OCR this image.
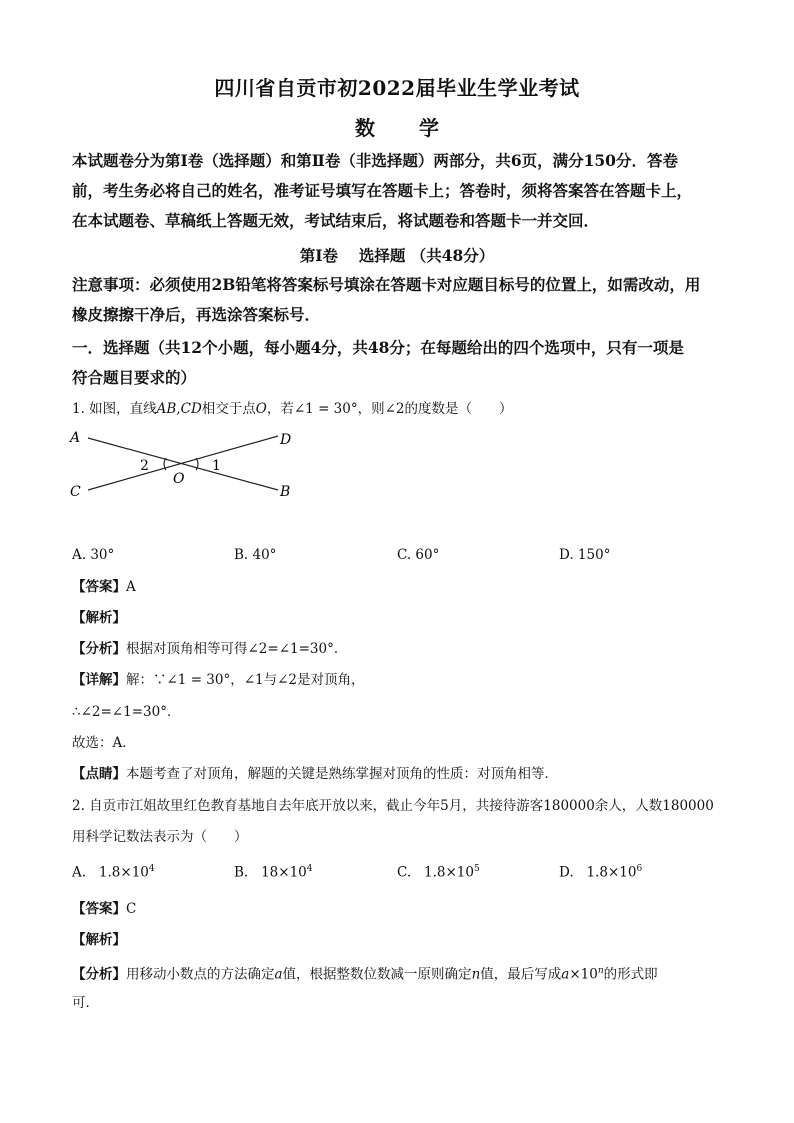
四川省自贡市初2022届毕业生学业考试
数 学
本试题卷分为第Ⅰ卷（选择题）和第Ⅱ卷（非选择题）两部分，共6页，满分150分．答卷
前，考生务必将自己的姓名，准考证号填写在答题卡上；答卷时，须将答案答在答题卡上，
在本试题卷、草稿纸上答题无效，考试结束后，将试题卷和答题卡一并交回．
第Ⅰ卷　 选择题 （共48分）
注意事项：必须使用2B铅笔将答案标号填涂在答题卡对应题目标号的位置上，如需改动，用
橡皮擦擦干净后，再选涂答案标号．
一．选择题（共12个小题，每小题4分，共48分；在每题给出的四个选项中，只有一项是
符合题目要求的）
1. 如图，直线AB,CD相交于点O，若∠1 = 30°，则∠2的度数是（　　）
A	D
C	B
O
1
2
A. 30°	B. 40°	C. 60°	D. 150°
【答案】A
【解析】
【分析】根据对顶角相等可得∠2=∠1=30°．
【详解】解：∵∠1 = 30°，∠1与∠2是对顶角，
∴∠2=∠1=30°．
故选：A．
【点睛】本题考查了对顶角，解题的关键是熟练掌握对顶角的性质：对顶角相等．
2. 自贡市江姐故里红色教育基地自去年底开放以来，截止今年5月，共接待游客180000余人，人数180000
用科学记数法表示为（　　）
A. $1.8\times 10^4$	B. $18\times 10^4$	C. $1.8\times 10^5$	D. $1.8\times 10^6$
【答案】C
【解析】
【分析】用移动小数点的方法确定a值，根据整数位数减一原则确定n值，最后写成$a\times 10^n$的形式即
可．
